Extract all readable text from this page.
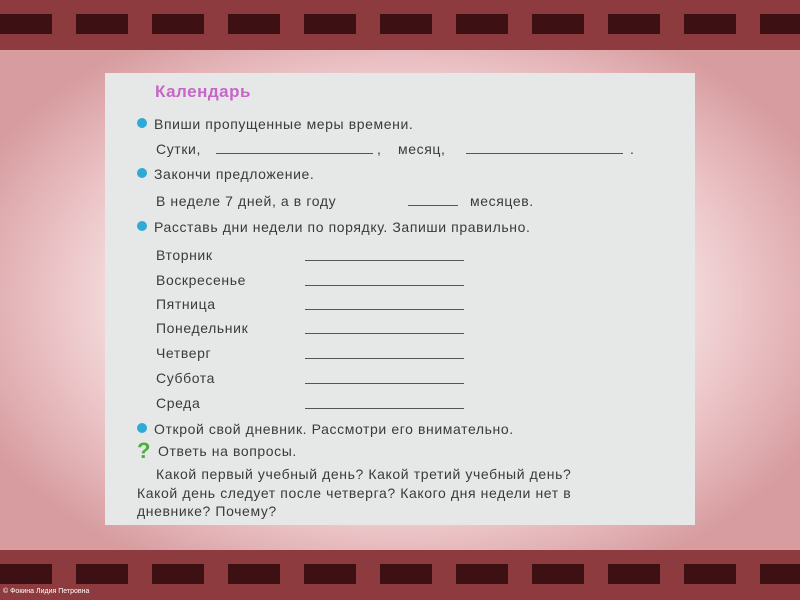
Календарь
Впиши пропущенные меры времени.
Сутки,	, месяц,	.
Закончи предложение.
В неделе 7 дней, а в году	месяцев.
Расставь дни недели по порядку. Запиши правильно.
Вторник
Воскресенье
Пятница
Понедельник
Четверг
Суббота
Среда
Открой свой дневник. Рассмотри его внимательно.
? Ответь на вопросы.
Какой первый учебный день? Какой третий учебный день?
Какой день следует после четверга? Какого дня недели нет в
дневнике? Почему?
© Фокина Лидия Петровна
